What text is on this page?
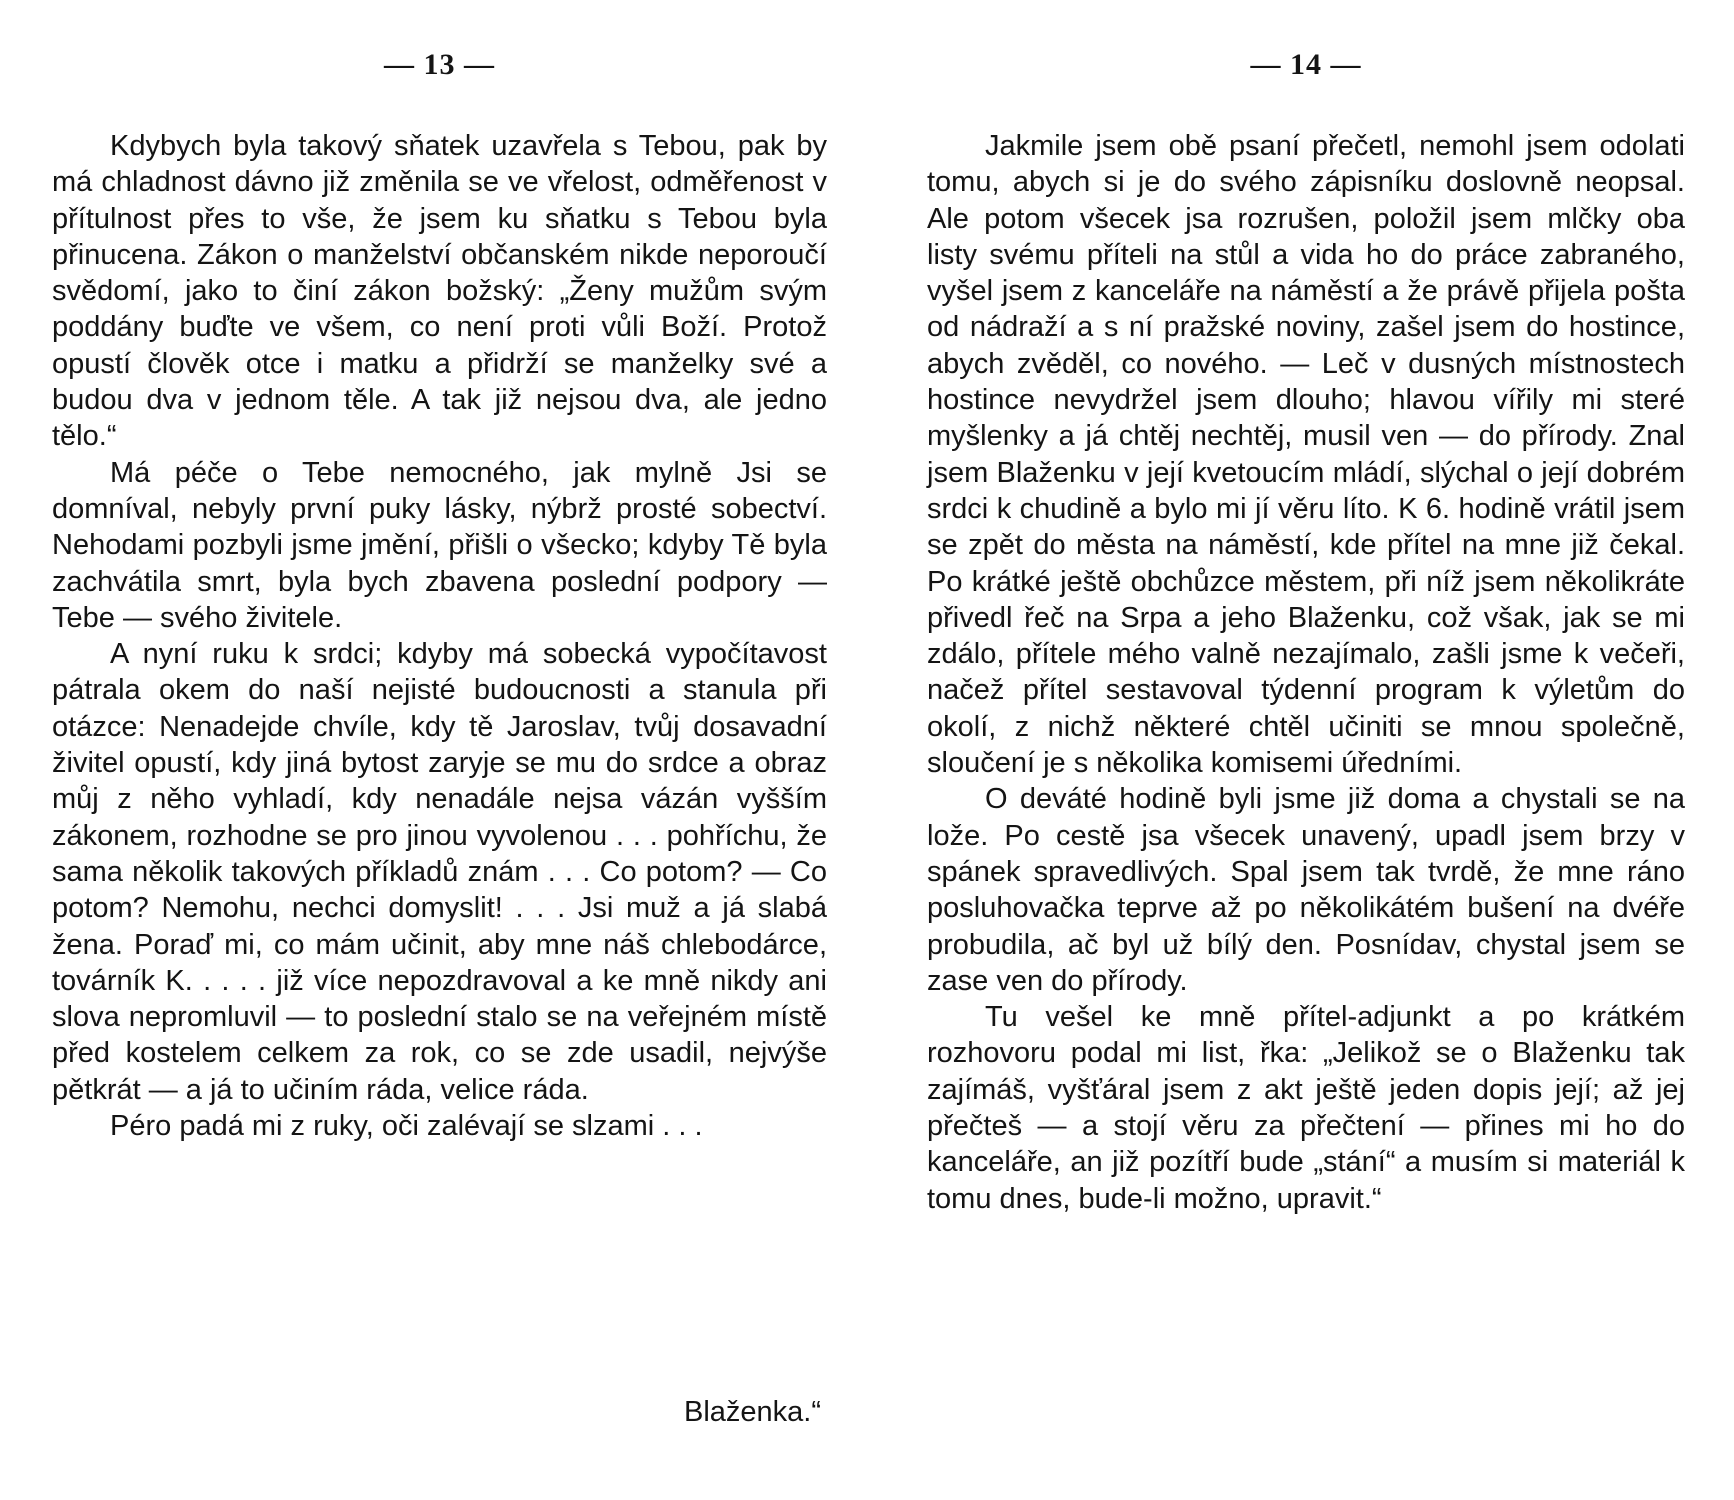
— 13 —

Kdybych byla takový sňatek uzavřela s Tebou, pak by má chladnost dávno již změnila se ve vřelost, odměřenost v přítulnost přes to vše, že jsem ku sňatku s Tebou byla přinucena. Zákon o manželství občanském nikde neporoučí svědomí, jako to činí zákon božský: „Ženy mužům svým poddány buďte ve všem, co není proti vůli Boží. Protož opustí člověk otce i matku a přidrží se manželky své a budou dva v jednom těle. A tak již nejsou dva, ale jedno tělo.“

Má péče o Tebe nemocného, jak mylně Jsi se domníval, nebyly první puky lásky, nýbrž prosté sobectví. Nehodami pozbyli jsme jmění, přišli o všecko; kdyby Tě byla zachvátila smrt, byla bych zbavena poslední podpory — Tebe — svého živitele.

A nyní ruku k srdci; kdyby má sobecká vypočítavost pátrala okem do naší nejisté budoucnosti a stanula při otázce: Nenadejde chvíle, kdy tě Jaroslav, tvůj dosavadní živitel opustí, kdy jiná bytost zaryje se mu do srdce a obraz můj z něho vyhladí, kdy nenadále nejsa vázán vyšším zákonem, rozhodne se pro jinou vyvolenou . . . pohříchu, že sama několik takových příkladů znám . . . Co potom? — Co potom? Nemohu, nechci domyslit! . . . Jsi muž a já slabá žena. Poraď mi, co mám učinit, aby mne náš chlebodárce, továrník K. . . . . již více nepozdravoval a ke mně nikdy ani slova nepromluvil — to poslední stalo se na veřejném místě před kostelem celkem za rok, co se zde usadil, nejvýše pětkrát — a já to učiním ráda, velice ráda.

Péro padá mi z ruky, oči zalévají se slzami . . .

Blaženka.“
— 14 —

Jakmile jsem obě psaní přečetl, nemohl jsem odolati tomu, abych si je do svého zápisníku doslovně neopsal. Ale potom všecek jsa rozrušen, položil jsem mlčky oba listy svému příteli na stůl a vida ho do práce zabraného, vyšel jsem z kanceláře na náměstí a že právě přijela pošta od nádraží a s ní pražské noviny, zašel jsem do hostince, abych zvěděl, co nového. — Leč v dusných místnostech hostince nevydržel jsem dlouho; hlavou vířily mi steré myšlenky a já chtěj nechtěj, musil ven — do přírody. Znal jsem Blaženku v její kvetoucím mládí, slýchal o její dobrém srdci k chudině a bylo mi jí věru líto. K 6. hodině vrátil jsem se zpět do města na náměstí, kde přítel na mne již čekal. Po krátké ještě obchůzce městem, při níž jsem několikráte přivedl řeč na Srpa a jeho Blaženku, což však, jak se mi zdálo, přítele mého valně nezajímalo, zašli jsme k večeři, načež přítel sestavoval týdenní program k výletům do okolí, z nichž některé chtěl učiniti se mnou společně, sloučení je s několika komisemi úředními.

O deváté hodině byli jsme již doma a chystali se na lože. Po cestě jsa všecek unavený, upadl jsem brzy v spánek spravedlivých. Spal jsem tak tvrdě, že mne ráno posluhovačka teprve až po několikátém bušení na dvéře probudila, ač byl už bílý den. Posnídav, chystal jsem se zase ven do přírody.

Tu vešel ke mně přítel-adjunkt a po krátkém rozhovoru podal mi list, řka: „Jelikož se o Blaženku tak zajímáš, vyšťáral jsem z akt ještě jeden dopis její; až jej přečteš — a stojí věru za přečtení — přines mi ho do kanceláře, an již pozítří bude „stání“ a musím si materiál k tomu dnes, bude-li možno, upravit.“
